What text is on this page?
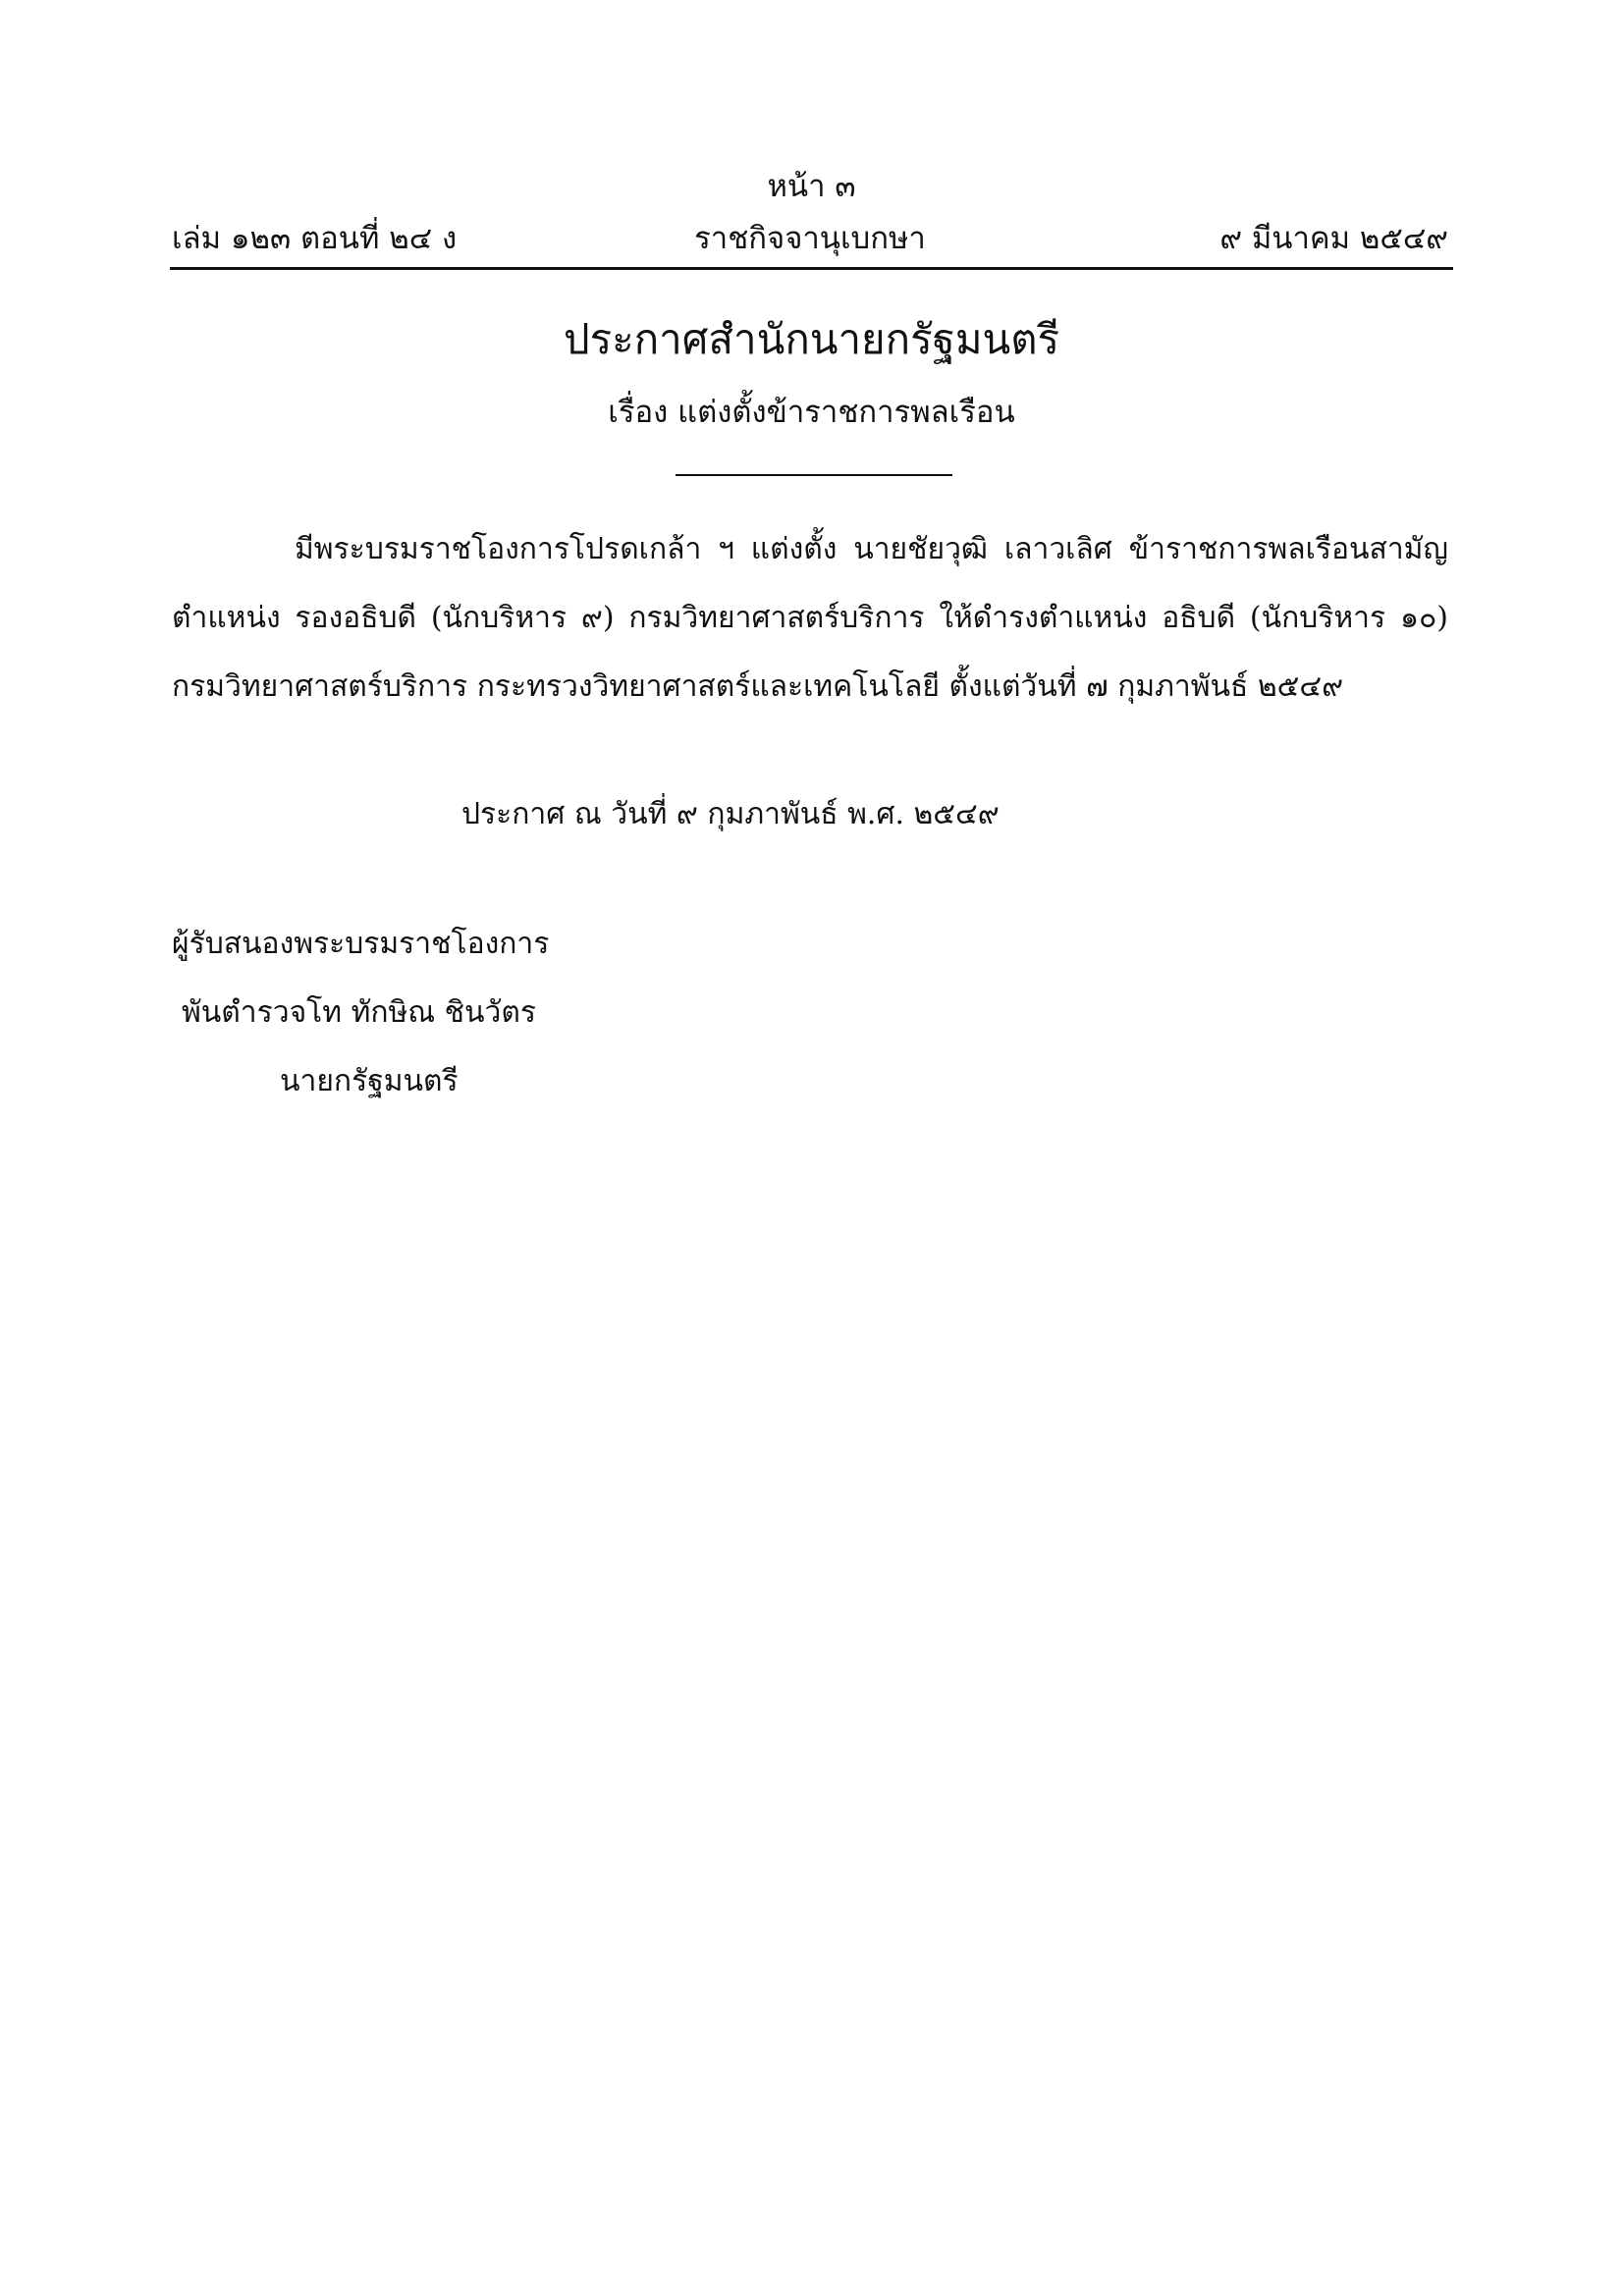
หน้า ๓
เล่ม ๑๒๓ ตอนที่ ๒๔ ง	ราชกิจจานุเบกษา	๙ มีนาคม ๒๕๔๙
ประกาศสำนักนายกรัฐมนตรี
เรื่อง แต่งตั้งข้าราชการพลเรือน
มีพระบรมราชโองการโปรดเกล้า ฯ แต่งตั้ง นายชัยวุฒิ เลาวเลิศ ข้าราชการพลเรือนสามัญ
ตำแหน่ง รองอธิบดี (นักบริหาร ๙) กรมวิทยาศาสตร์บริการ ให้ดำรงตำแหน่ง อธิบดี (นักบริหาร ๑๐)
กรมวิทยาศาสตร์บริการ กระทรวงวิทยาศาสตร์และเทคโนโลยี ตั้งแต่วันที่ ๗ กุมภาพันธ์ ๒๕๔๙
ประกาศ ณ วันที่ ๙ กุมภาพันธ์ พ.ศ. ๒๕๔๙
ผู้รับสนองพระบรมราชโองการ
พันตำรวจโท ทักษิณ ชินวัตร
นายกรัฐมนตรี
